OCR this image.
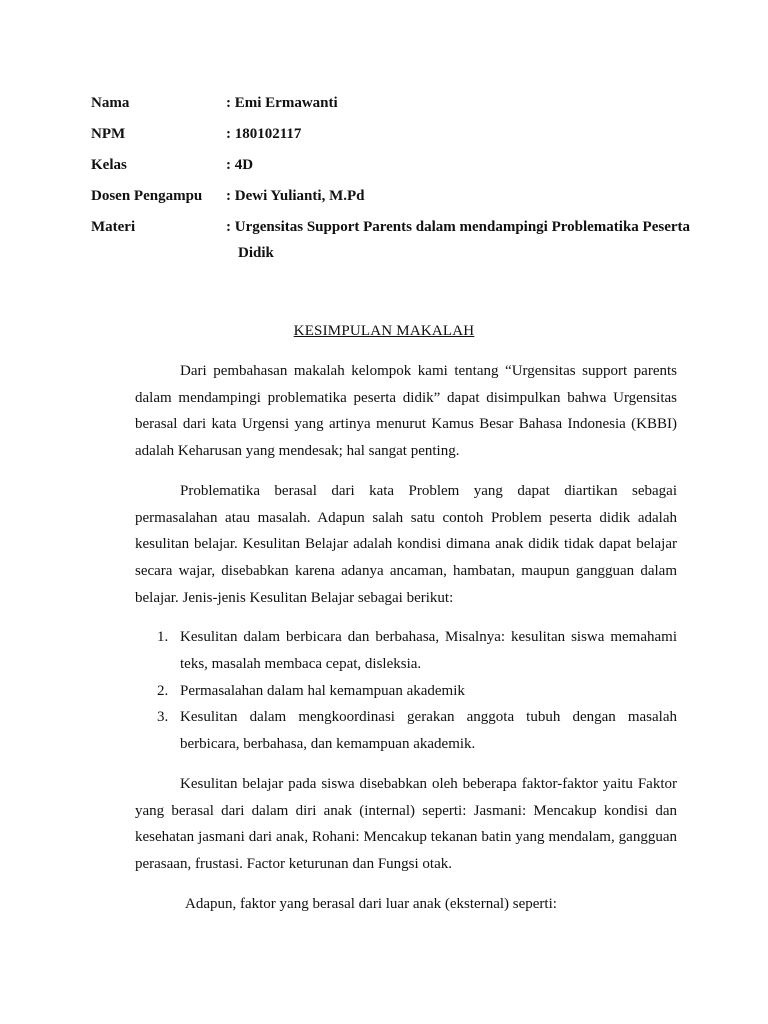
Nama	: Emi Ermawanti
NPM	: 180102117
Kelas	: 4D
Dosen Pengampu	: Dewi Yulianti, M.Pd
Materi	: Urgensitas Support Parents dalam mendampingi Problematika Peserta Didik
KESIMPULAN MAKALAH

Dari pembahasan makalah kelompok kami tentang “Urgensitas support parents dalam mendampingi problematika peserta didik” dapat disimpulkan bahwa Urgensitas berasal dari kata Urgensi yang artinya menurut Kamus Besar Bahasa Indonesia (KBBI) adalah Keharusan yang mendesak; hal sangat penting.

Problematika berasal dari kata Problem yang dapat diartikan sebagai permasalahan atau masalah. Adapun salah satu contoh Problem peserta didik adalah kesulitan belajar. Kesulitan Belajar adalah kondisi dimana anak didik tidak dapat belajar secara wajar, disebabkan karena adanya ancaman, hambatan, maupun gangguan dalam belajar. Jenis-jenis Kesulitan Belajar sebagai berikut:

1. Kesulitan dalam berbicara dan berbahasa, Misalnya: kesulitan siswa memahami teks, masalah membaca cepat, disleksia.
2. Permasalahan dalam hal kemampuan akademik
3. Kesulitan dalam mengkoordinasi gerakan anggota tubuh dengan masalah berbicara, berbahasa, dan kemampuan akademik.

Kesulitan belajar pada siswa disebabkan oleh beberapa faktor-faktor yaitu Faktor yang berasal dari dalam diri anak (internal) seperti: Jasmani: Mencakup kondisi dan kesehatan jasmani dari anak, Rohani: Mencakup tekanan batin yang mendalam, gangguan perasaan, frustasi. Factor keturunan dan Fungsi otak.

Adapun, faktor yang berasal dari luar anak (eksternal) seperti:
